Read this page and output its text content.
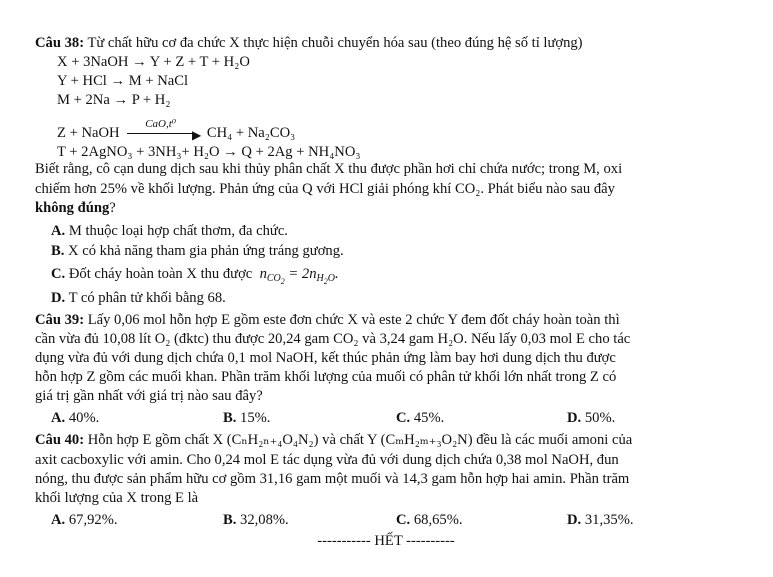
Câu 38: Từ chất hữu cơ đa chức X thực hiện chuỗi chuyển hóa sau (theo đúng hệ số tỉ lượng)
X + 3NaOH → Y + Z + T + H₂O
Y + HCl → M + NaCl
M + 2Na → P + H₂
Z + NaOH
CaO,t⁰
▶ CH₄ + Na₂CO₃
T + 2AgNO₃ + 3NH₃+ H₂O → Q + 2Ag + NH₄NO₃
Biết rằng, cô cạn dung dịch sau khi thủy phân chất X thu được phần hơi chỉ chứa nước; trong M, oxi
chiếm hơn 25% về khối lượng. Phản ứng của Q với HCl giải phóng khí CO₂. Phát biểu nào sau đây
không đúng?
A. M thuộc loại hợp chất thơm, đa chức.
B. X có khả năng tham gia phản ứng tráng gương.
C. Đốt cháy hoàn toàn X thu được  $n_{CO_2} = 2n_{H_2O}$.
D. T có phân tử khối bằng 68.
Câu 39: Lấy 0,06 mol hỗn hợp E gồm este đơn chức X và este 2 chức Y đem đốt cháy hoàn toàn thì
cần vừa đủ 10,08 lít O₂ (đktc) thu được 20,24 gam CO₂ và 3,24 gam H₂O. Nếu lấy 0,03 mol E cho tác
dụng vừa đủ với dung dịch chứa 0,1 mol NaOH, kết thúc phản ứng làm bay hơi dung dịch thu được
hỗn hợp Z gồm các muối khan. Phần trăm khối lượng của muối có phân tử khối lớn nhất trong Z có
giá trị gần nhất với giá trị nào sau đây?
A. 40%.	B. 15%.	C. 45%.	D. 50%.
Câu 40: Hỗn hợp E gồm chất X (CₙH₂ₙ₊₄O₄N₂) và chất Y (CₘH₂ₘ₊₃O₂N) đều là các muối amoni của
axit cacboxylic với amin. Cho 0,24 mol E tác dụng vừa đủ với dung dịch chứa 0,38 mol NaOH, đun
nóng, thu được sản phẩm hữu cơ gồm 31,16 gam một muối và 14,3 gam hỗn hợp hai amin. Phần trăm
khối lượng của X trong E là
A. 67,92%.	B. 32,08%.	C. 68,65%.	D. 31,35%.
----------- HẾT ----------
